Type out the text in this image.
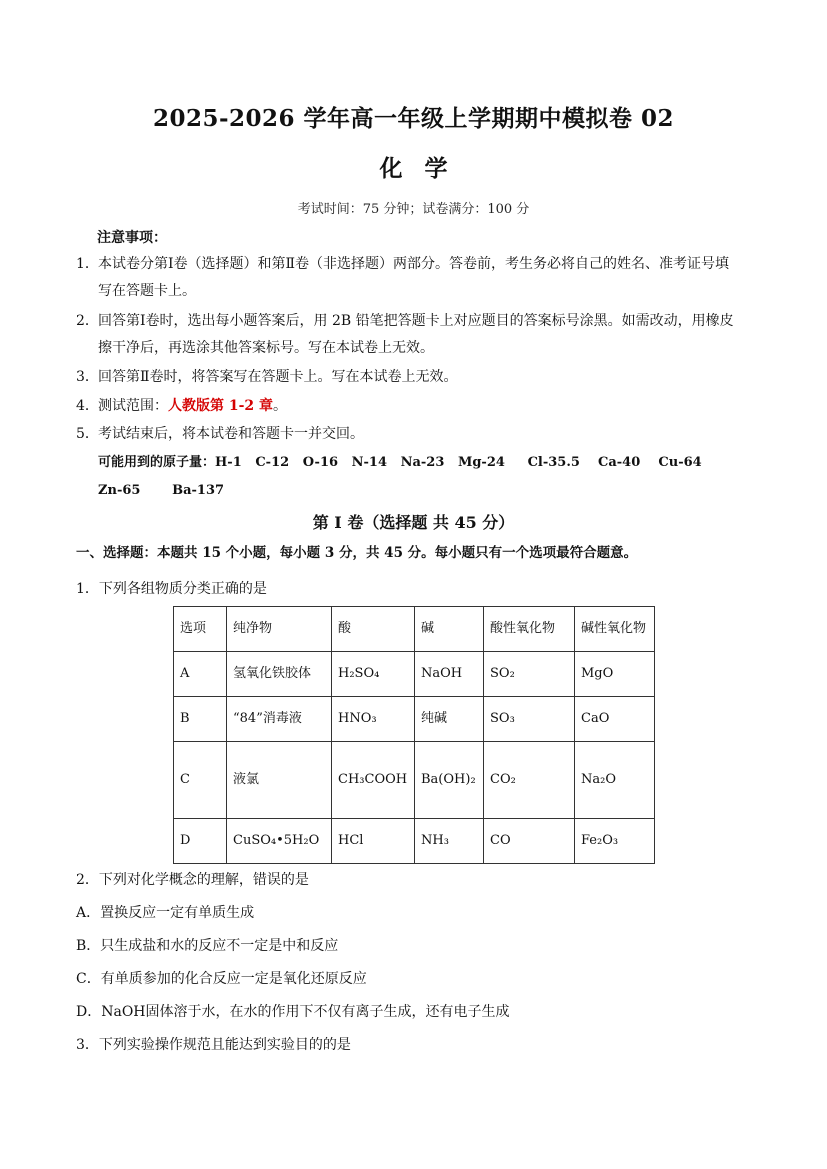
2025-2026 学年高一年级上学期期中模拟卷 02
化学
考试时间：75 分钟；试卷满分：100 分
注意事项：
1．本试卷分第Ⅰ卷（选择题）和第Ⅱ卷（非选择题）两部分。答卷前，考生务必将自己的姓名、准考证号填
写在答题卡上。
2．回答第Ⅰ卷时，选出每小题答案后，用 2B 铅笔把答题卡上对应题目的答案标号涂黑。如需改动，用橡皮
擦干净后，再选涂其他答案标号。写在本试卷上无效。
3．回答第Ⅱ卷时，将答案写在答题卡上。写在本试卷上无效。
4．测试范围：人教版第 1-2 章。
5．考试结束后，将本试卷和答题卡一并交回。
可能用到的原子量：H-1 C-12 O-16 N-14 Na-23 Mg-24 Cl-35.5 Ca-40 Cu-64
Zn-65 Ba-137
第 I 卷（选择题 共 45 分）
一、选择题：本题共 15 个小题，每小题 3 分，共 45 分。每小题只有一个选项最符合题意。
1．下列各组物质分类正确的是
选项	纯净物	酸	碱	酸性氧化物	碱性氧化物
A	氢氧化铁胶体	H₂SO₄	NaOH	SO₂	MgO
B	“84”消毒液	HNO₃	纯碱	SO₃	CaO
C	液氯	CH₃COOH	Ba(OH)₂	CO₂	Na₂O
D	CuSO₄•5H₂O	HCl	NH₃	CO	Fe₂O₃
2．下列对化学概念的理解，错误的是
A．置换反应一定有单质生成
B．只生成盐和水的反应不一定是中和反应
C．有单质参加的化合反应一定是氧化还原反应
D．NaOH固体溶于水，在水的作用下不仅有离子生成，还有电子生成
3．下列实验操作规范且能达到实验目的的是
